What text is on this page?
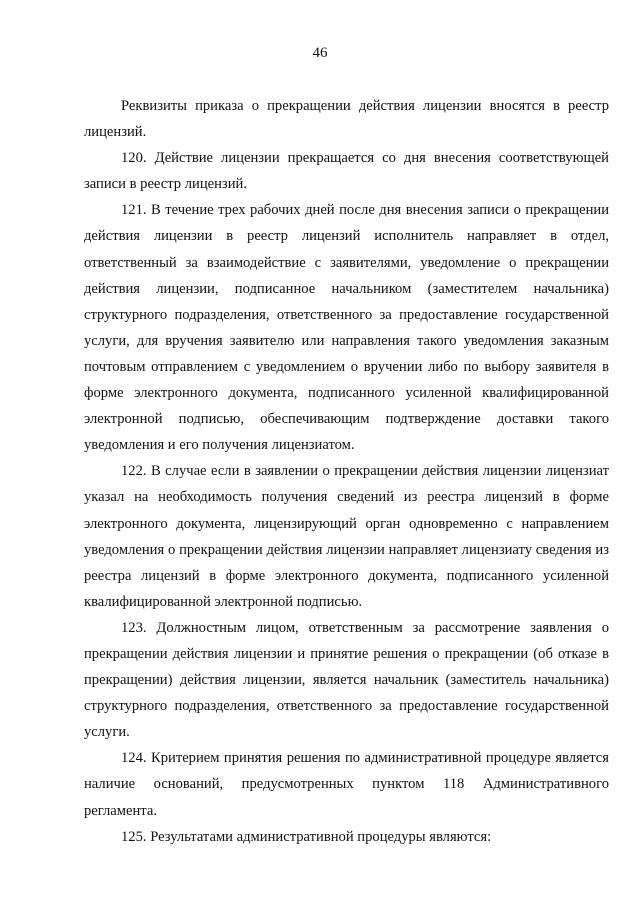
46

Реквизиты приказа о прекращении действия лицензии вносятся в реестр лицензий.

120. Действие лицензии прекращается со дня внесения соответствующей записи в реестр лицензий.

121. В течение трех рабочих дней после дня внесения записи о прекращении действия лицензии в реестр лицензий исполнитель направляет в отдел, ответственный за взаимодействие с заявителями, уведомление о прекращении действия лицензии, подписанное начальником (заместителем начальника) структурного подразделения, ответственного за предоставление государственной услуги, для вручения заявителю или направления такого уведомления заказным почтовым отправлением с уведомлением о вручении либо по выбору заявителя в форме электронного документа, подписанного усиленной квалифицированной электронной подписью, обеспечивающим подтверждение доставки такого уведомления и его получения лицензиатом.

122. В случае если в заявлении о прекращении действия лицензии лицензиат указал на необходимость получения сведений из реестра лицензий в форме электронного документа, лицензирующий орган одновременно с направлением уведомления о прекращении действия лицензии направляет лицензиату сведения из реестра лицензий в форме электронного документа, подписанного усиленной квалифицированной электронной подписью.

123. Должностным лицом, ответственным за рассмотрение заявления о прекращении действия лицензии и принятие решения о прекращении (об отказе в прекращении) действия лицензии, является начальник (заместитель начальника) структурного подразделения, ответственного за предоставление государственной услуги.

124. Критерием принятия решения по административной процедуре является наличие оснований, предусмотренных пунктом 118 Административного регламента.

125. Результатами административной процедуры являются:
